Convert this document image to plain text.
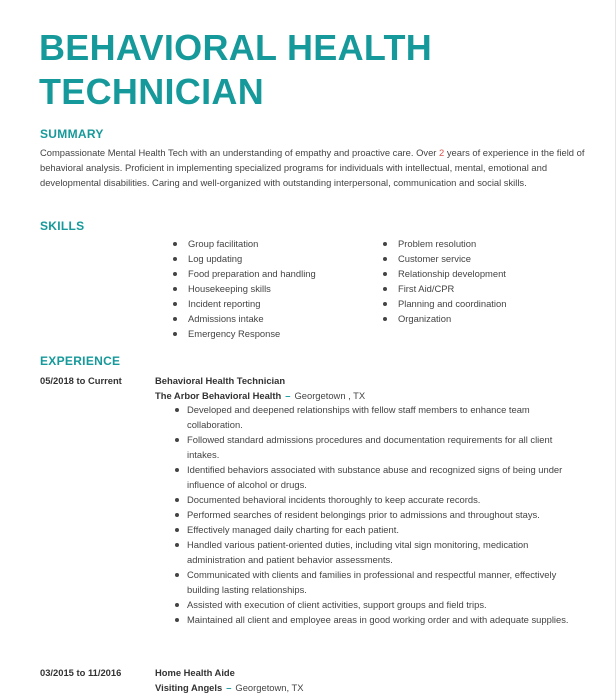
BEHAVIORAL HEALTH
TECHNICIAN
SUMMARY
Compassionate Mental Health Tech with an understanding of empathy and proactive care. Over 2 years of experience in the field of behavioral analysis. Proficient in implementing specialized programs for individuals with intellectual, mental, emotional and developmental disabilities. Caring and well-organized with outstanding interpersonal, communication and social skills.
SKILLS
Group facilitation
Log updating
Food preparation and handling
Housekeeping skills
Incident reporting
Admissions intake
Emergency Response
Problem resolution
Customer service
Relationship development
First Aid/CPR
Planning and coordination
Organization
EXPERIENCE
05/2018 to Current	Behavioral Health Technician
The Arbor Behavioral Health – Georgetown , TX
Developed and deepened relationships with fellow staff members to enhance team collaboration.
Followed standard admissions procedures and documentation requirements for all client intakes.
Identified behaviors associated with substance abuse and recognized signs of being under influence of alcohol or drugs.
Documented behavioral incidents thoroughly to keep accurate records.
Performed searches of resident belongings prior to admissions and throughout stays.
Effectively managed daily charting for each patient.
Handled various patient-oriented duties, including vital sign monitoring, medication administration and patient behavior assessments.
Communicated with clients and families in professional and respectful manner, effectively building lasting relationships.
Assisted with execution of client activities, support groups and field trips.
Maintained all client and employee areas in good working order and with adequate supplies.
03/2015 to 11/2016	Home Health Aide
Visiting Angels – Georgetown, TX
